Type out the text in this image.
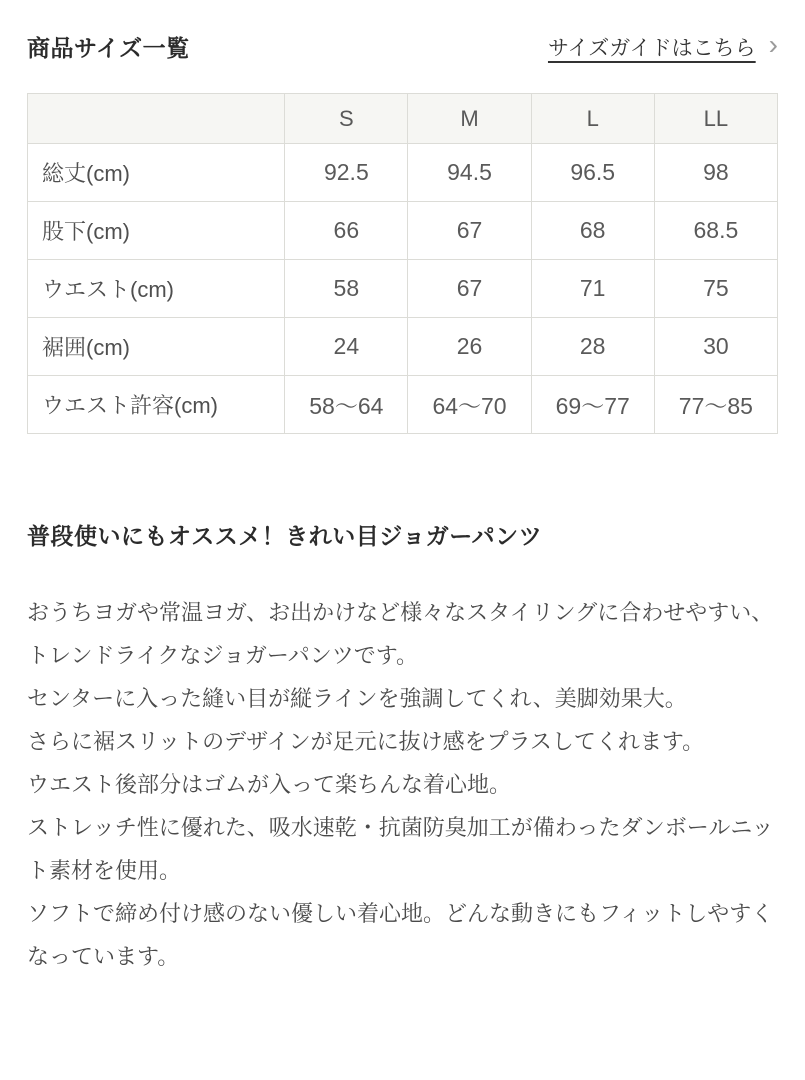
商品サイズ一覧	サイズガイドはこちら ›
	S	M	L	LL
総丈(cm)	92.5	94.5	96.5	98
股下(cm)	66	67	68	68.5
ウエスト(cm)	58	67	71	75
裾囲(cm)	24	26	28	30
ウエスト許容(cm)	58〜64	64〜70	69〜77	77〜85
普段使いにもオススメ！きれい目ジョガーパンツ

おうちヨガや常温ヨガ、お出かけなど様々なスタイリングに合わせやすい、トレンドライクなジョガーパンツです。

センターに入った縫い目が縦ラインを強調してくれ、美脚効果大。

さらに裾スリットのデザインが足元に抜け感をプラスしてくれます。

ウエスト後部分はゴムが入って楽ちんな着心地。

ストレッチ性に優れた、吸水速乾・抗菌防臭加工が備わったダンボールニット素材を使用。

ソフトで締め付け感のない優しい着心地。どんな動きにもフィットしやすくなっています。
